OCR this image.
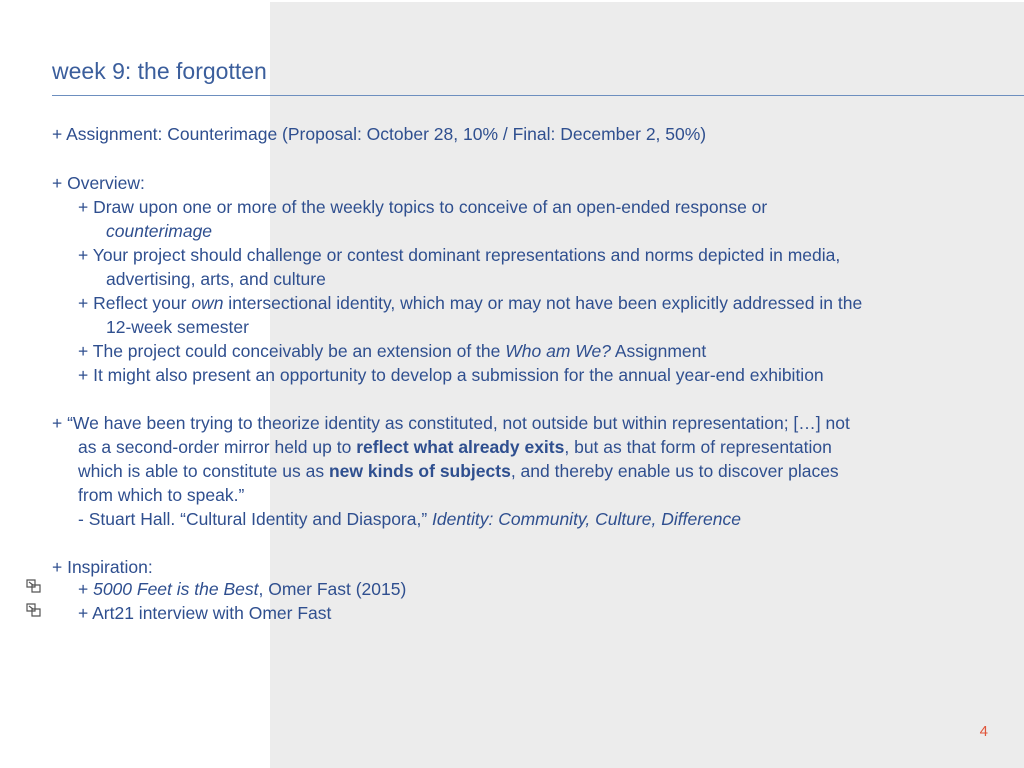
week 9: the forgotten
+ Assignment: Counterimage (Proposal: October 28, 10% / Final: December 2, 50%)
+ Overview:
+ Draw upon one or more of the weekly topics to conceive of an open-ended response or
counterimage
+ Your project should challenge or contest dominant representations and norms depicted in media,
advertising, arts, and culture
+ Reflect your own intersectional identity, which may or may not have been explicitly addressed in the
12-week semester
+ The project could conceivably be an extension of the Who am We? Assignment
+ It might also present an opportunity to develop a submission for the annual year-end exhibition
+ “We have been trying to theorize identity as constituted, not outside but within representation; […] not
as a second-order mirror held up to reflect what already exits, but as that form of representation
which is able to constitute us as new kinds of subjects, and thereby enable us to discover places
from which to speak.”
- Stuart Hall. “Cultural Identity and Diaspora,” Identity: Community, Culture, Difference
+ Inspiration:
+ 5000 Feet is the Best, Omer Fast (2015)
+ Art21 interview with Omer Fast
4
